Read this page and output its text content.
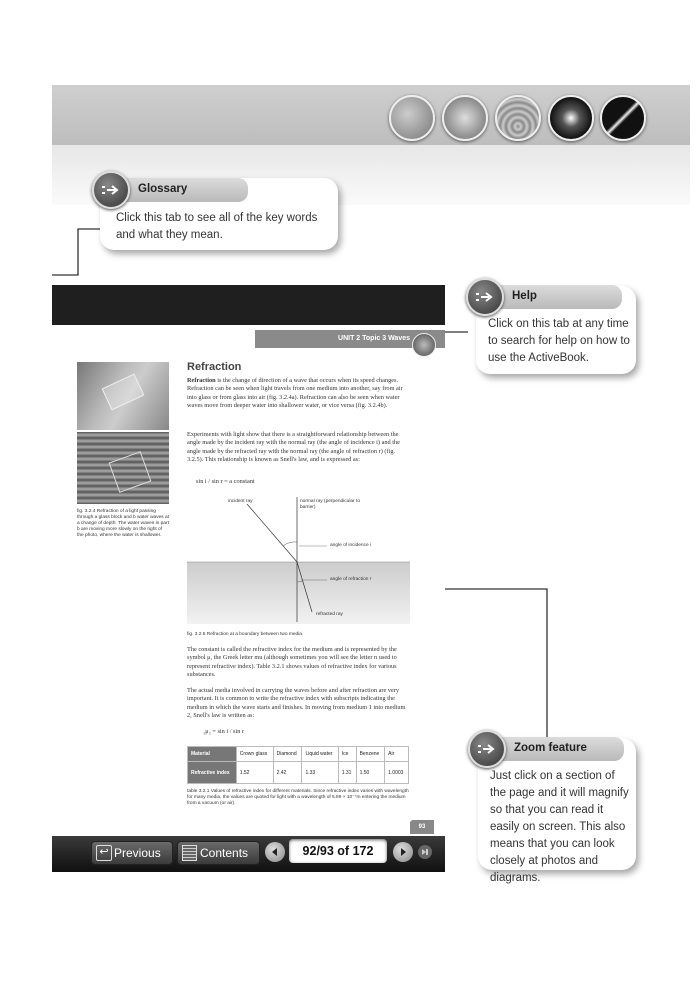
Click this tab to see all of the key words and what they mean.
Glossary
Click on this tab at any time to search for help on how to use the ActiveBook.
Help
Just click on a section of the page and it will magnify so that you can read it easily on screen. This also means that you can look closely at photos and diagrams.
Zoom feature
UNIT 2 Topic 3 Waves
fig. 3.2.4 Refraction of a light passing through a glass block and b water waves at a change of depth. The water waves in part b are moving more slowly on the right of the photo, where the water is shallower.
Refraction
Refraction is the change of direction of a wave that occurs when its speed changes. Refraction can be seen when light travels from one medium into another, say from air into glass or from glass into air (fig. 3.2.4a). Refraction can also be seen when water waves move from deeper water into shallower water, or vice versa (fig. 3.2.4b).
Experiments with light show that there is a straightforward relationship between the angle made by the incident ray with the normal ray (the angle of incidence i) and the angle made by the refracted ray with the normal ray (the angle of refraction r) (fig. 3.2.5). This relationship is known as Snell's law, and is expressed as:
sin i / sin r = a constant
incident ray	normal ray (perpendicular to barrier)
angle of incidence i
angle of refraction r
refracted ray
fig. 3.2.5 Refraction at a boundary between two media.
The constant is called the refractive index for the medium and is represented by the symbol μ, the Greek letter mu (although sometimes you will see the letter n used to represent refractive index). Table 3.2.1 shows values of refractive index for various substances.
The actual media involved in carrying the waves before and after refraction are very important. It is common to write the refractive index with subscripts indicating the medium in which the wave starts and finishes. In moving from medium 1 into medium 2, Snell's law is written as:
₁μ₂ = sin i / sin r
Material	Crown glass	Diamond	Liquid water	Ice	Benzene	Air
Refractive index	1.52	2.42	1.33	1.31	1.50	1.0003
table 3.2.1 Values of refractive index for different materials. Since refractive index varies with wavelength for many media, the values are quoted for light with a wavelength of 5.89 × 10⁻⁷m entering the medium from a vacuum (or air).
93
↩ Previous	Contents	92/93 of 172
